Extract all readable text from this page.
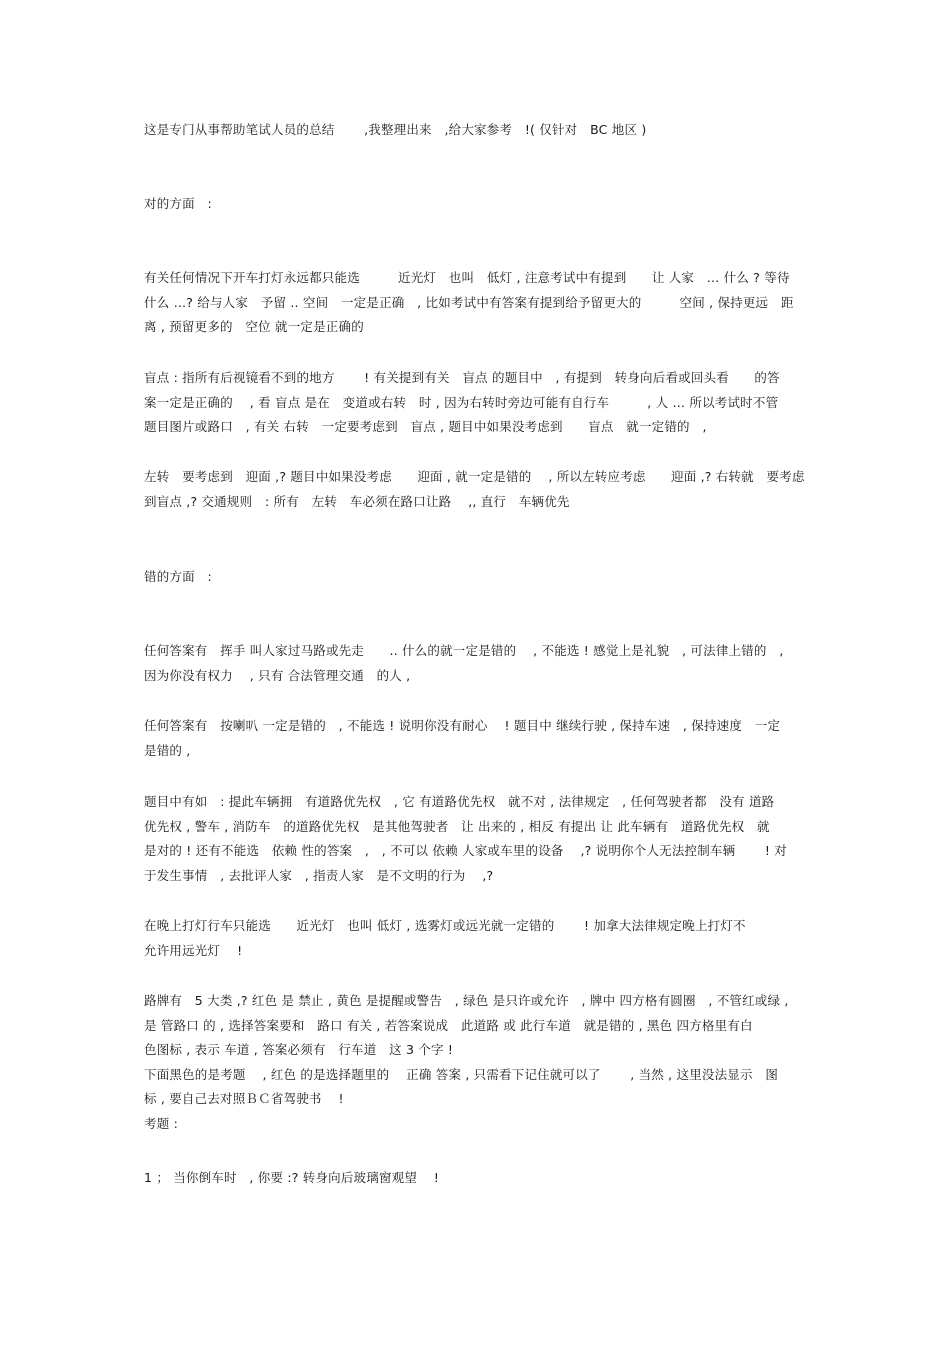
这是专门从事帮助笔试人员的总结　　 ,我整理出来　,给大家参考　!( 仅针对　BC 地区 )
对的方面　:
有关任何情况下开车打灯永远都只能选　　　近光灯　也叫　低灯 , 注意考试中有提到　　让 人家　… 什么 ? 等待
什么 …? 给与人家　予留 .. 空间　一定是正确　, 比如考试中有答案有提到给予留更大的　　　空间 , 保持更远　距
离 , 预留更多的　空位 就一定是正确的
盲点 : 指所有后视镜看不到的地方　　 ! 有关提到有关　盲点 的题目中　, 有提到　转身向后看或回头看　　的答
案一定是正确的　 , 看 盲点 是在　变道或右转　时 , 因为右转时旁边可能有自行车　　　, 人 … 所以考试时不管
题目图片或路口　, 有关 右转　一定要考虑到　盲点 , 题目中如果没考虑到　　盲点　就一定错的　,
左转　要考虑到　迎面 ,? 题目中如果没考虑　　迎面 , 就一定是错的　 , 所以左转应考虑　　迎面 ,? 右转就　要考虑
到盲点 ,? 交通规则　: 所有　左转　车必须在路口让路　 ,, 直行　车辆优先
错的方面　:
任何答案有　挥手 叫人家过马路或先走　　.. 什么的就一定是错的　 , 不能选 ! 感觉上是礼貌　, 可法律上错的　,
因为你没有权力　 , 只有 合法管理交通　的人 ,
任何答案有　按喇叭 一定是错的　, 不能选 ! 说明你没有耐心　 ! 题目中 继续行驶 , 保持车速　, 保持速度　一定
是错的 ,
题目中有如　: 提此车辆拥　有道路优先权　, 它 有道路优先权　就不对 , 法律规定　, 任何驾驶者都　没有 道路
优先权 , 警车 , 消防车　的道路优先权　是其他驾驶者　让 出来的 , 相反 有提出 让 此车辆有　道路优先权　就
是对的 ! 还有不能选　依赖 性的答案　,　, 不可以 依赖 人家或车里的设备　 ,? 说明你个人无法控制车辆　　 ! 对
于发生事情　, 去批评人家　, 指责人家　是不文明的行为　 ,?
在晚上打灯行车只能选　　近光灯　也叫 低灯 , 选雾灯或远光就一定错的　　 ! 加拿大法律规定晚上打灯不
允许用远光灯　 !
路牌有　5 大类 ,? 红色 是 禁止 , 黄色 是提醒或警告　, 绿色 是只许或允许　, 牌中 四方格有圆圈　, 不管红或绿 ,
是 管路口 的 , 选择答案要和　路口 有关 , 若答案说成　此道路 或 此行车道　就是错的 , 黑色 四方格里有白
色图标 , 表示 车道 , 答案必须有　行车道　这 3 个字 !
下面黑色的是考题　 , 红色 的是选择题里的　 正确 答案 , 只需看下记住就可以了　　 , 当然 , 这里没法显示　图
标 , 要自己去对照ＢＣ省驾驶书　 !
考题 :
1 ； 当你倒车时　, 你要 :? 转身向后玻璃窗观望　 !
